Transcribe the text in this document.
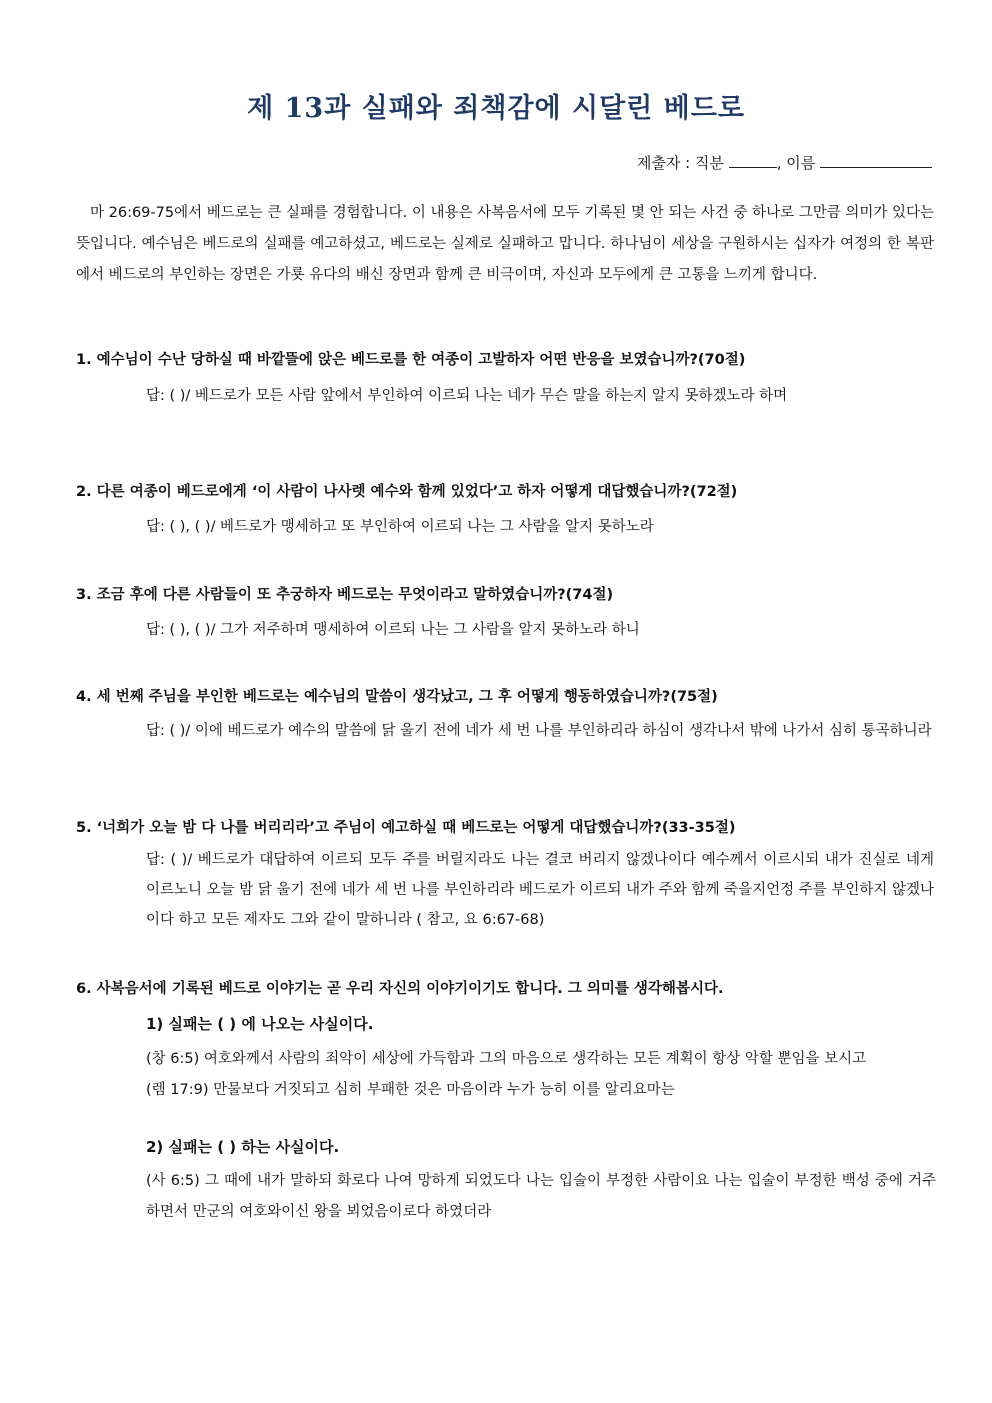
제 13과 실패와 죄책감에 시달린 베드로
제출자 : 직분	, 이름
마 26:69-75에서 베드로는 큰 실패를 경험합니다. 이 내용은 사복음서에 모두 기록된 몇 안 되는 사건 중 하나로 그만큼 의미가 있다는 뜻입니다. 예수님은 베드로의 실패를 예고하셨고, 베드로는 실제로 실패하고 맙니다. 하나님이 세상을 구원하시는 십자가 여정의 한 복판에서 베드로의 부인하는 장면은 가룟 유다의 배신 장면과 함께 큰 비극이며, 자신과 모두에게 큰 고통을 느끼게 합니다.
1. 예수님이 수난 당하실 때 바깥뜰에 앉은 베드로를 한 여종이 고발하자 어떤 반응을 보였습니까?(70절)
답: ( )/ 베드로가 모든 사람 앞에서 부인하여 이르되 나는 네가 무슨 말을 하는지 알지 못하겠노라 하며
2. 다른 여종이 베드로에게 ‘이 사람이 나사렛 예수와 함께 있었다’고 하자 어떻게 대답했습니까?(72절)
답: ( ), ( )/ 베드로가 맹세하고 또 부인하여 이르되 나는 그 사람을 알지 못하노라
3. 조금 후에 다른 사람들이 또 추궁하자 베드로는 무엇이라고 말하였습니까?(74절)
답: ( ), ( )/ 그가 저주하며 맹세하여 이르되 나는 그 사람을 알지 못하노라 하니
4. 세 번째 주님을 부인한 베드로는 예수님의 말씀이 생각났고, 그 후 어떻게 행동하였습니까?(75절)
답: ( )/ 이에 베드로가 예수의 말씀에 닭 울기 전에 네가 세 번 나를 부인하리라 하심이 생각나서 밖에 나가서 심히 통곡하니라
5. ‘너희가 오늘 밤 다 나를 버리리라’고 주님이 예고하실 때 베드로는 어떻게 대답했습니까?(33-35절)
답: ( )/ 베드로가 대답하여 이르되 모두 주를 버릴지라도 나는 결코 버리지 않겠나이다 예수께서 이르시되 내가 진실로 네게 이르노니 오늘 밤 닭 울기 전에 네가 세 번 나를 부인하리라 베드로가 이르되 내가 주와 함께 죽을지언정 주를 부인하지 않겠나이다 하고 모든 제자도 그와 같이 말하니라 ( 참고, 요 6:67-68)
6. 사복음서에 기록된 베드로 이야기는 곧 우리 자신의 이야기이기도 합니다. 그 의미를 생각해봅시다.
1) 실패는 ( ) 에 나오는 사실이다.
(창 6:5) 여호와께서 사람의 죄악이 세상에 가득함과 그의 마음으로 생각하는 모든 계획이 항상 악할 뿐임을 보시고
(렘 17:9) 만물보다 거짓되고 심히 부패한 것은 마음이라 누가 능히 이를 알리요마는
2) 실패는 ( ) 하는 사실이다.
(사 6:5) 그 때에 내가 말하되 화로다 나여 망하게 되었도다 나는 입술이 부정한 사람이요 나는 입술이 부정한 백성 중에 거주하면서 만군의 여호와이신 왕을 뵈었음이로다 하였더라
